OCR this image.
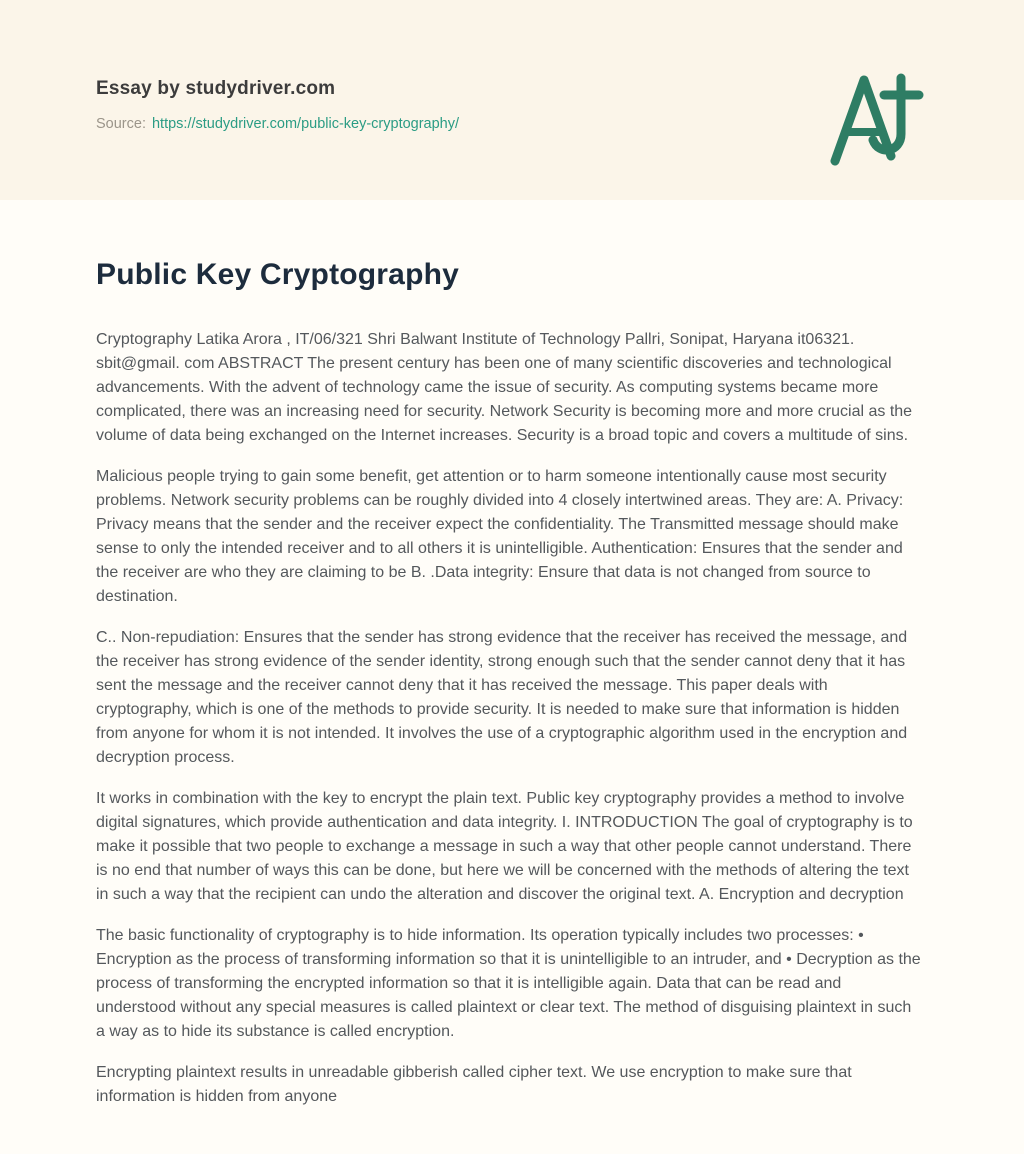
Essay by studydriver.com
Source: https://studydriver.com/public-key-cryptography/
Public Key Cryptography

Cryptography Latika Arora , IT/06/321 Shri Balwant Institute of Technology Pallri, Sonipat, Haryana it06321. sbit@gmail. com ABSTRACT The present century has been one of many scientific discoveries and technological advancements. With the advent of technology came the issue of security. As computing systems became more complicated, there was an increasing need for security. Network Security is becoming more and more crucial as the volume of data being exchanged on the Internet increases. Security is a broad topic and covers a multitude of sins.

Malicious people trying to gain some benefit, get attention or to harm someone intentionally cause most security problems. Network security problems can be roughly divided into 4 closely intertwined areas. They are: A. Privacy: Privacy means that the sender and the receiver expect the confidentiality. The Transmitted message should make sense to only the intended receiver and to all others it is unintelligible. Authentication: Ensures that the sender and the receiver are who they are claiming to be B. .Data integrity: Ensure that data is not changed from source to destination.

C.. Non-repudiation: Ensures that the sender has strong evidence that the receiver has received the message, and the receiver has strong evidence of the sender identity, strong enough such that the sender cannot deny that it has sent the message and the receiver cannot deny that it has received the message. This paper deals with cryptography, which is one of the methods to provide security. It is needed to make sure that information is hidden from anyone for whom it is not intended. It involves the use of a cryptographic algorithm used in the encryption and decryption process.

It works in combination with the key to encrypt the plain text. Public key cryptography provides a method to involve digital signatures, which provide authentication and data integrity. I. INTRODUCTION The goal of cryptography is to make it possible that two people to exchange a message in such a way that other people cannot understand. There is no end that number of ways this can be done, but here we will be concerned with the methods of altering the text in such a way that the recipient can undo the alteration and discover the original text. A. Encryption and decryption

The basic functionality of cryptography is to hide information. Its operation typically includes two processes: • Encryption as the process of transforming information so that it is unintelligible to an intruder, and • Decryption as the process of transforming the encrypted information so that it is intelligible again. Data that can be read and understood without any special measures is called plaintext or clear text. The method of disguising plaintext in such a way as to hide its substance is called encryption.

Encrypting plaintext results in unreadable gibberish called cipher text. We use encryption to make sure that information is hidden from anyone
